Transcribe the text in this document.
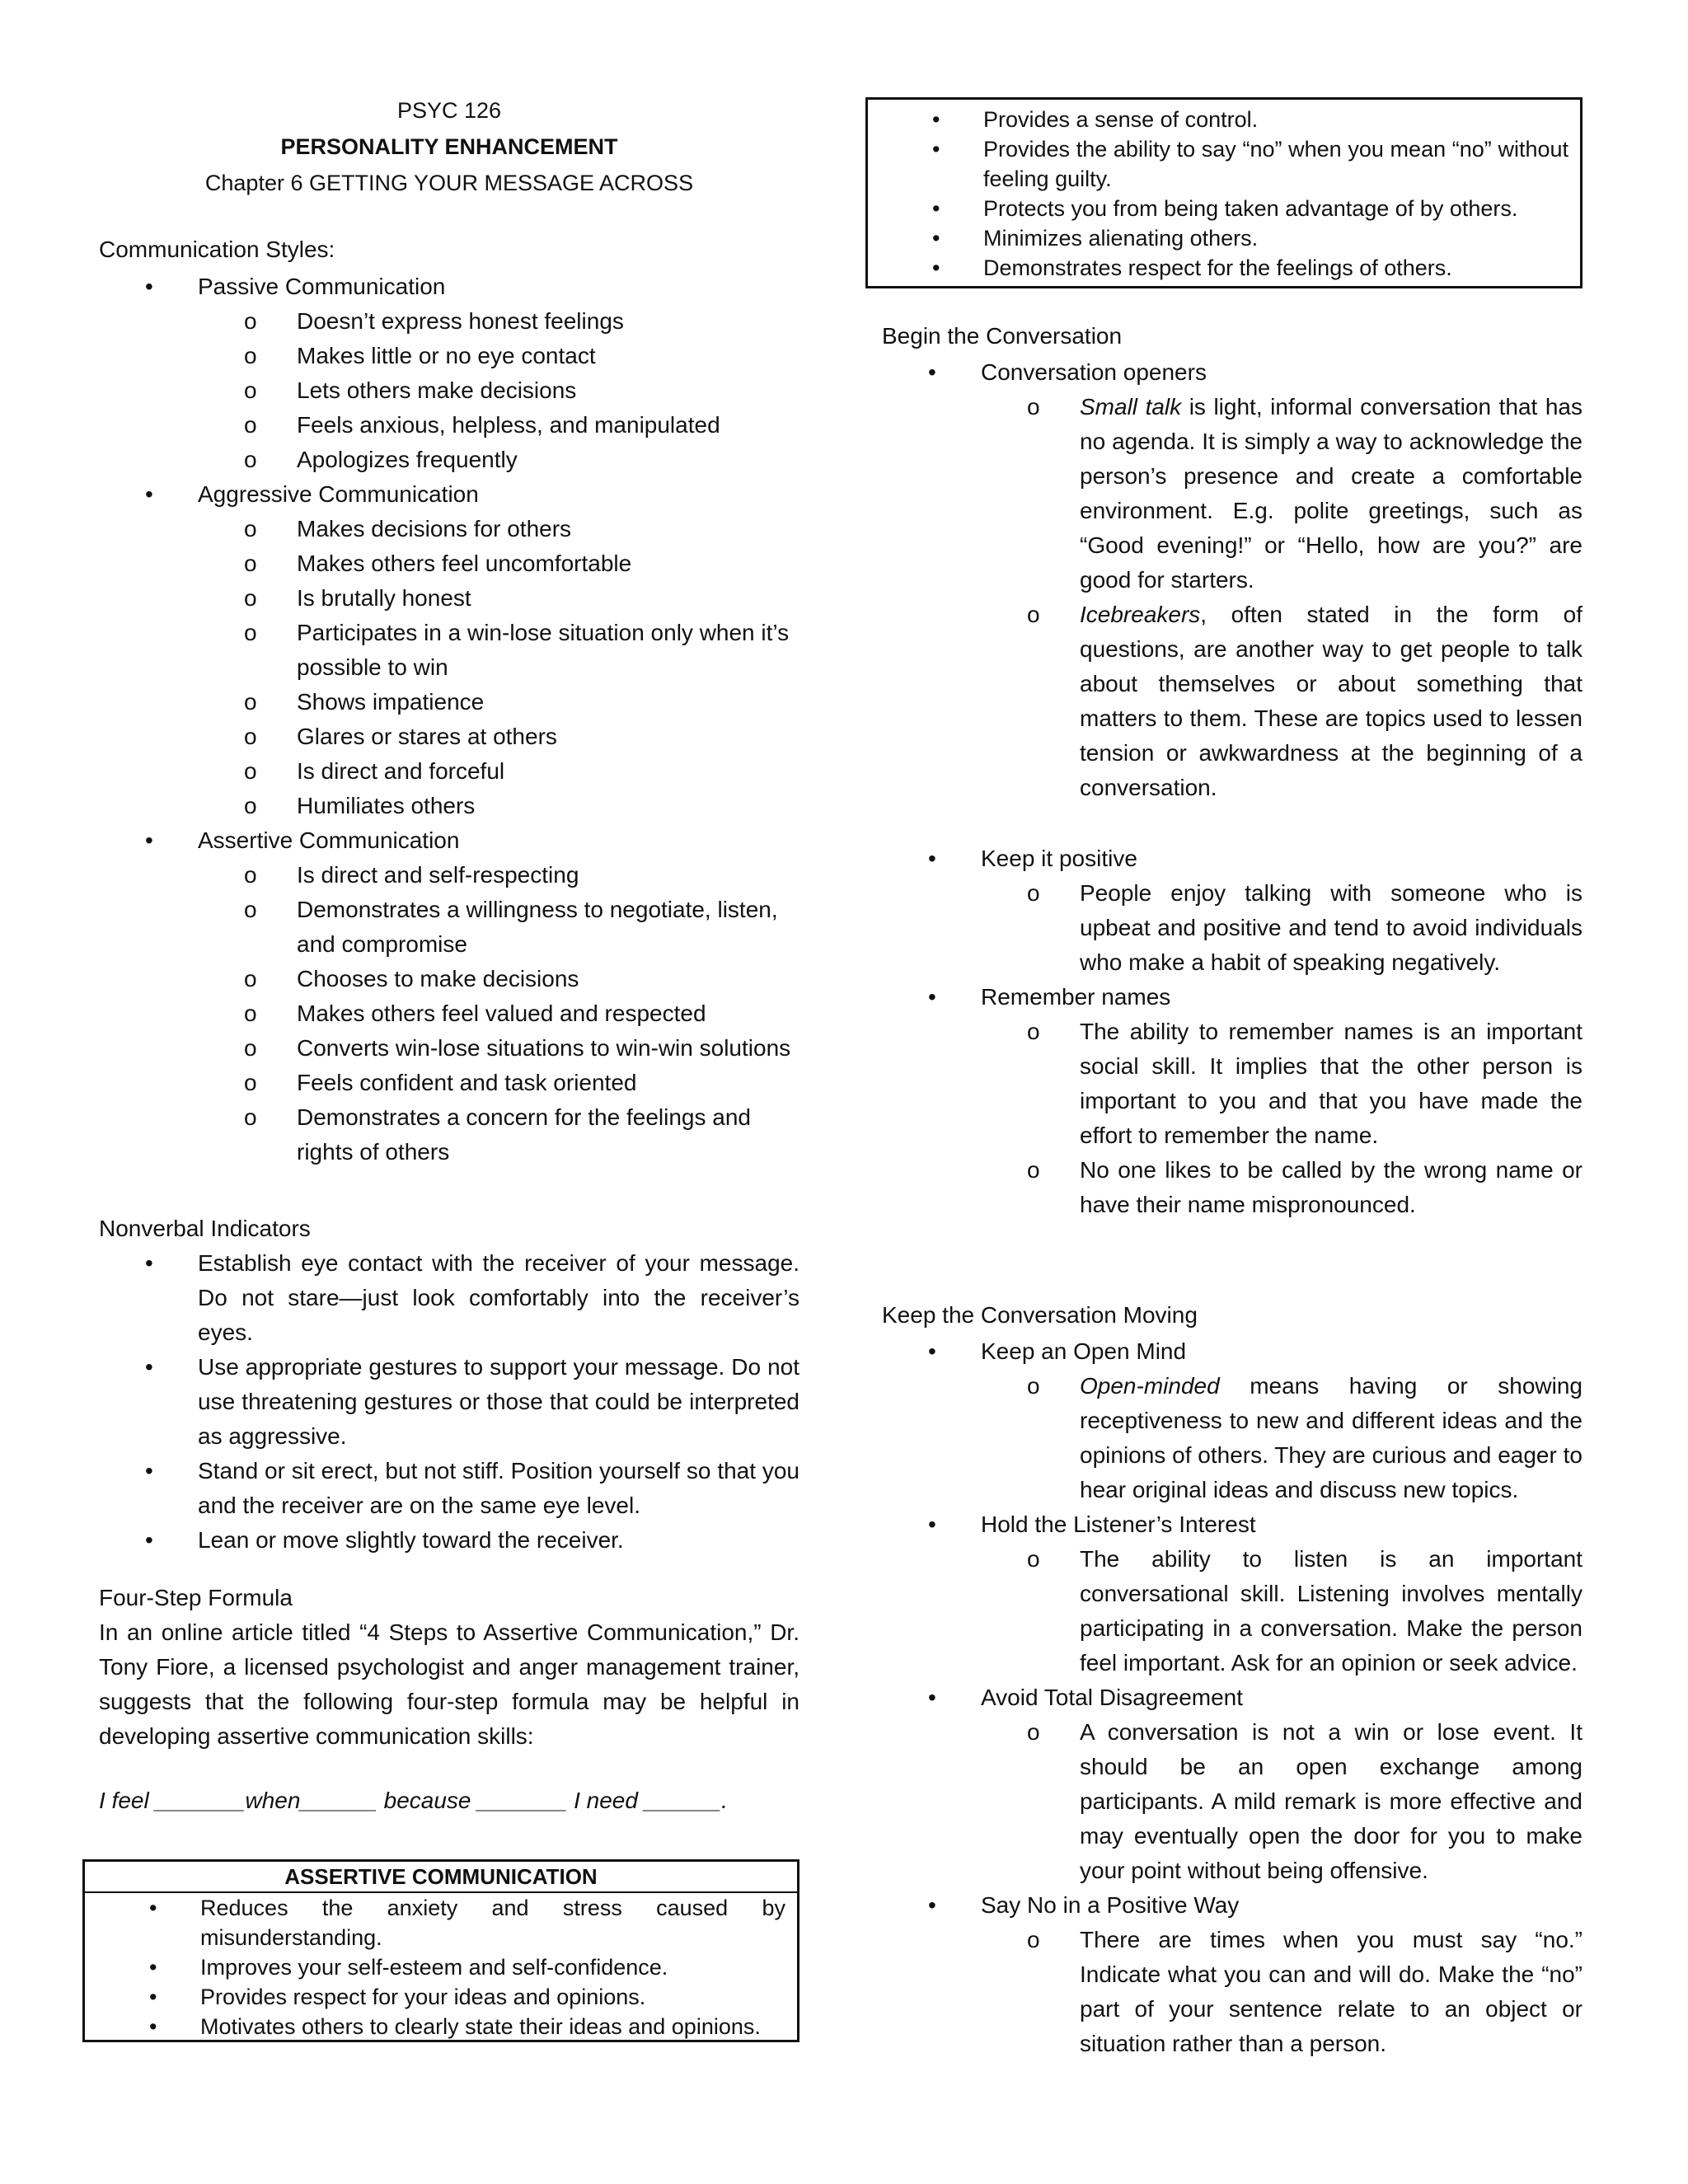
PSYC 126
PERSONALITY ENHANCEMENT
Chapter 6 GETTING YOUR MESSAGE ACROSS
Communication Styles:
• Passive Communication
o Doesn’t express honest feelings
o Makes little or no eye contact
o Lets others make decisions
o Feels anxious, helpless, and manipulated
o Apologizes frequently
• Aggressive Communication
o Makes decisions for others
o Makes others feel uncomfortable
o Is brutally honest
o Participates in a win-lose situation only when it’s possible to win
o Shows impatience
o Glares or stares at others
o Is direct and forceful
o Humiliates others
• Assertive Communication
o Is direct and self-respecting
o Demonstrates a willingness to negotiate, listen, and compromise
o Chooses to make decisions
o Makes others feel valued and respected
o Converts win-lose situations to win-win solutions
o Feels confident and task oriented
o Demonstrates a concern for the feelings and rights of others
Nonverbal Indicators
• Establish eye contact with the receiver of your message. Do not stare—just look comfortably into the receiver’s eyes.
• Use appropriate gestures to support your message. Do not use threatening gestures or those that could be interpreted as aggressive.
• Stand or sit erect, but not stiff. Position yourself so that you and the receiver are on the same eye level.
• Lean or move slightly toward the receiver.
Four-Step Formula
In an online article titled “4 Steps to Assertive Communication,” Dr. Tony Fiore, a licensed psychologist and anger management trainer, suggests that the following four-step formula may be helpful in developing assertive communication skills:
I feel _______when______ because _______ I need ______.
ASSERTIVE COMMUNICATION
• Reduces the anxiety and stress caused by misunderstanding.
• Improves your self-esteem and self-confidence.
• Provides respect for your ideas and opinions.
• Motivates others to clearly state their ideas and opinions.
• Provides a sense of control.
• Provides the ability to say “no” when you mean “no” without feeling guilty.
• Protects you from being taken advantage of by others.
• Minimizes alienating others.
• Demonstrates respect for the feelings of others.
Begin the Conversation
• Conversation openers
o Small talk is light, informal conversation that has no agenda. It is simply a way to acknowledge the person’s presence and create a comfortable environment. E.g. polite greetings, such as “Good evening!” or “Hello, how are you?” are good for starters.
o Icebreakers, often stated in the form of questions, are another way to get people to talk about themselves or about something that matters to them. These are topics used to lessen tension or awkwardness at the beginning of a conversation.
• Keep it positive
o People enjoy talking with someone who is upbeat and positive and tend to avoid individuals who make a habit of speaking negatively.
• Remember names
o The ability to remember names is an important social skill. It implies that the other person is important to you and that you have made the effort to remember the name.
o No one likes to be called by the wrong name or have their name mispronounced.
Keep the Conversation Moving
• Keep an Open Mind
o Open-minded means having or showing receptiveness to new and different ideas and the opinions of others. They are curious and eager to hear original ideas and discuss new topics.
• Hold the Listener’s Interest
o The ability to listen is an important conversational skill. Listening involves mentally participating in a conversation. Make the person feel important. Ask for an opinion or seek advice.
• Avoid Total Disagreement
o A conversation is not a win or lose event. It should be an open exchange among participants. A mild remark is more effective and may eventually open the door for you to make your point without being offensive.
• Say No in a Positive Way
o There are times when you must say “no.” Indicate what you can and will do. Make the “no” part of your sentence relate to an object or situation rather than a person.
